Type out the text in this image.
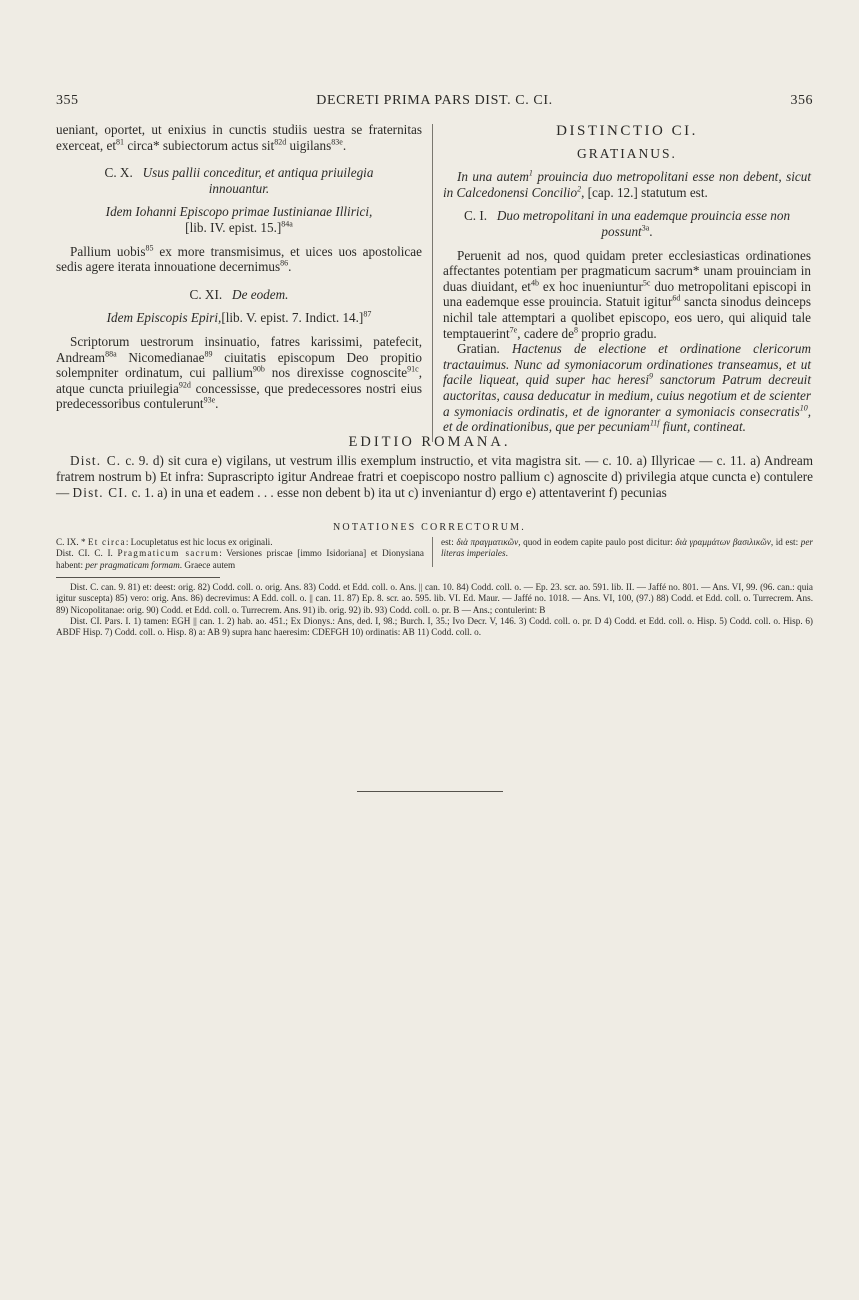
355	DECRETI PRIMA PARS DIST. C. CI.	356

ueniant, oportet, ut enixius in cunctis studiis uestra se fraternitas exerceat, $et^{81}$ circa* subiectorum actus sit$^{82d}$ uigilans$^{83e}$.

C. X. Usus pallii conceditur, et antiqua priuilegia innouantur.

Idem Iohanni Episcopo primae Iustinianae Illirici,

[lib. IV. epist. 15.]$^{84a}$

Pallium uobis$^{85}$ ex more transmisimus, et uices uos apostolicae sedis agere iterata innouatione decernimus$^{86}$.

C. XI. De eodem.

Idem Episcopis Epiri,[lib. V. epist. 7. Indict. 14.]$^{87}$

Scriptorum uestrorum insinuatio, fatres karissimi, patefecit, Andream$^{88a}$ Nicomedianae$^{89}$ ciuitatis episcopum Deo propitio solempniter ordinatum, cui pallium$^{90b}$ nos direxisse cognoscite$^{91c}$, atque cuncta priuilegia$^{92d}$ concessisse, que predecessores nostri eius predecessoribus contulerunt$^{93e}$.

DISTINCTIO CI.

GRATIANUS.

In una autem$^1$ prouincia duo metropolitani esse non debent, sicut in Calcedonensi Concilio$^2$, [cap. 12.] statutum est.

C. I. Duo metropolitani in una eademque prouincia esse non possunt$^{3a}$.

Peruenit ad nos, quod quidam preter ecclesiasticas ordinationes affectantes potentiam per pragmaticum sacrum* unam prouinciam in duas diuidant, $et^{4b}$ ex hoc inueniuntur$^{5c}$ duo metropolitani episcopi in una eademque esse prouincia. Statuit igitur$^{6d}$ sancta sinodus deinceps nichil tale attemptari a quolibet episcopo, eos uero, qui aliquid tale temptauerint$^{7e}$, cadere $de^8$ proprio gradu.

Gratian. Hactenus de electione et ordinatione clericorum tractauimus. Nunc ad symoniacorum ordinationes transeamus, et ut facile liqueat, quid super hac heresi$^9$ sanctorum Patrum decreuit auctoritas, causa deducatur in medium, cuius negotium et de scienter a symoniacis ordinatis, et de ignoranter a symoniacis consecratis$^{10}$, et de ordinationibus, que per pecuniam$^{11f}$ fiunt, contineat.

EDITIO ROMANA.

Dist. C. c. 9. d) sit cura e) vigilans, ut vestrum illis exemplum instructio, et vita magistra sit. — c. 10. a) Illyricae — c. 11. a) Andream fratrem nostrum b) Et infra: Suprascripto igitur Andreae fratri et coepiscopo nostro pallium c) agnoscite d) privilegia atque cuncta e) contulere — Dist. CI. c. 1. a) in una et eadem . . . esse non debent b) ita ut c) inveniantur d) ergo e) attentaverint f) pecunias

NOTATIONES CORRECTORUM.
C. IX. * Et circa: Locupletatus est hic locus ex originali.
Dist. CI. C. I. Pragmaticum sacrum: Versiones priscae [immo Isidoriana] et Dionysiana habent: per pragmaticam formam. Graece autem
est: διὰ πραγματικῶν, quod in eodem capite paulo post dicitur: διὰ γραμμάτων βασιλικῶν, id est: per literas imperiales.

Dist. C. can. 9. 81) et: deest: orig. 82) Codd. coll. o. orig. Ans. 83) Codd. et Edd. coll. o. Ans. || can. 10. 84) Codd. coll. o. — Ep. 23. scr. ao. 591. lib. II. — Jaffé no. 801. — Ans. VI, 99. (96. can.: quia igitur suscepta) 85) vero: orig. Ans. 86) decrevimus: A Edd. coll. o. || can. 11. 87) Ep. 8. scr. ao. 595. lib. VI. Ed. Maur. — Jaffé no. 1018. — Ans. VI, 100, (97.) 88) Codd. et Edd. coll. o. Turrecrem. Ans. 89) Nicopolitanae: orig. 90) Codd. et Edd. coll. o. Turrecrem. Ans. 91) ib. orig. 92) ib. 93) Codd. coll. o. pr. B — Ans.; contulerint: B

Dist. CI. Pars. I. 1) tamen: EGH || can. 1. 2) hab. ao. 451.; Ex Dionys.: Ans, ded. I, 98.; Burch. I, 35.; Ivo Decr. V, 146. 3) Codd. coll. o. pr. D 4) Codd. et Edd. coll. o. Hisp. 5) Codd. coll. o. Hisp. 6) ABDF Hisp. 7) Codd. coll. o. Hisp. 8) a: AB 9) supra hanc haeresim: CDEFGH 10) ordinatis: AB 11) Codd. coll. o.
